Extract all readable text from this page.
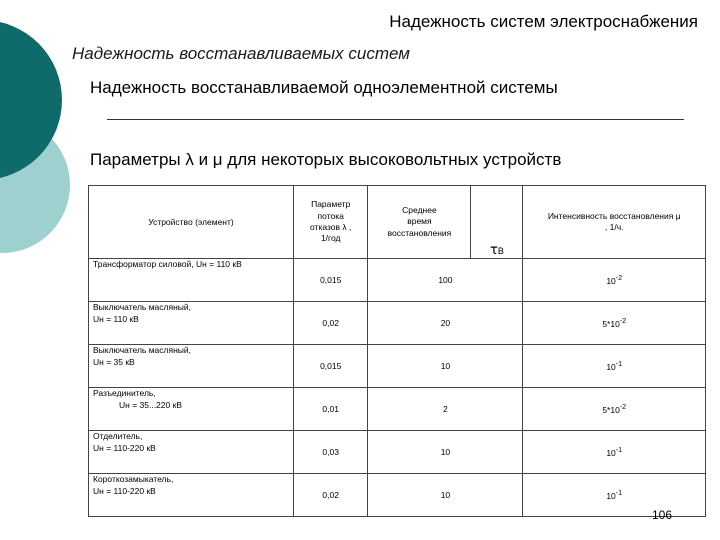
Надежность систем электроснабжения
Надежность восстанавливаемых систем
Надежность восстанавливаемой одноэлементной системы
Параметры λ и μ для некоторых высоковольтных устройств
Устройство (элемент)	Параметр
потока
отказов λ ,
1/год	Среднее
время
восстановления	τВ	Интенсивность восстановления μ
, 1/ч.
Трансформатор силовой, Uн = 110 кВ	0,015	100		$10^{-2}$
Выключатель масляный,
Uн = 110 кВ	0,02	20		$5*10^{-2}$
Выключатель масляный,
Uн = 35 кВ	0,015	10		$10^{-1}$
Разъединитель,
Uн = 35...220 кВ	0,01	2		$5*10^{-2}$
Отделитель,
Uн = 110-220 кВ	0,03	10		$10^{-1}$
Короткозамыкатель,
Uн = 110-220 кВ	0,02	10		$10^{-1}$
106
